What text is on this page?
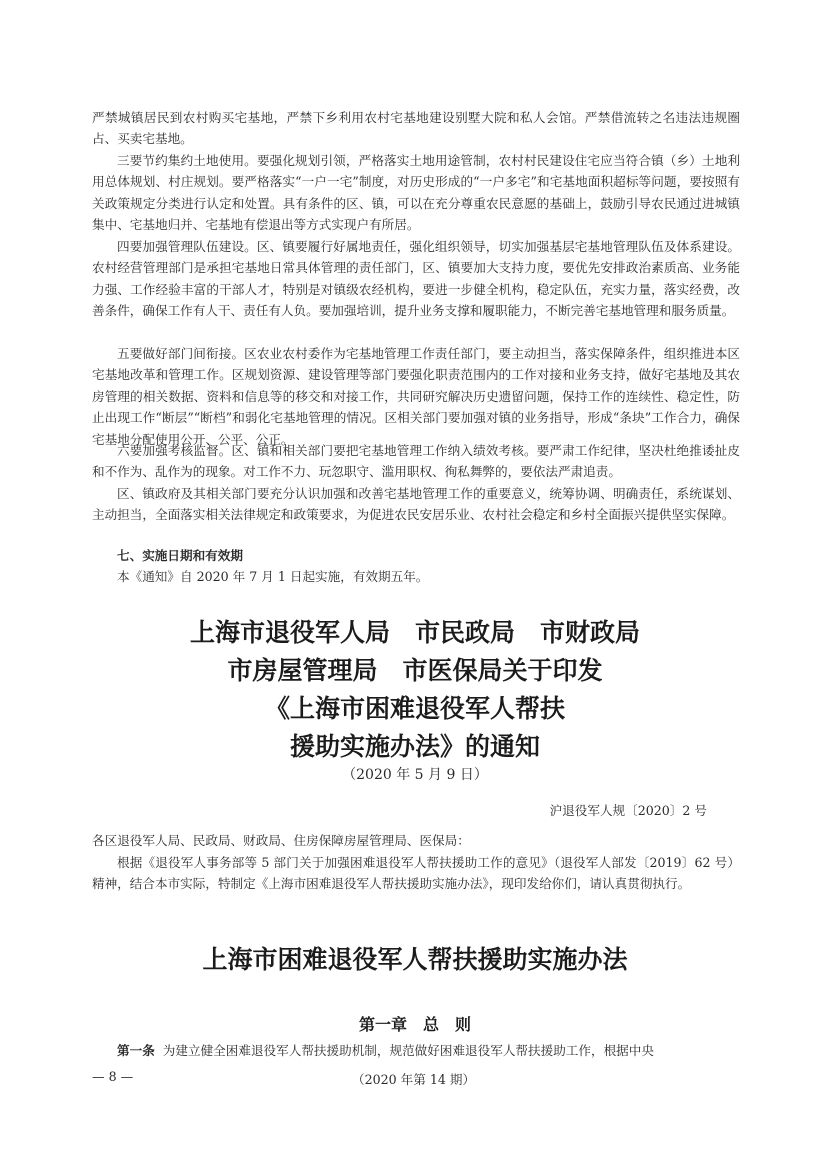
严禁城镇居民到农村购买宅基地，严禁下乡利用农村宅基地建设别墅大院和私人会馆。严禁借流转之名违法违规圈占、买卖宅基地。

三要节约集约土地使用。要强化规划引领，严格落实土地用途管制，农村村民建设住宅应当符合镇（乡）土地利用总体规划、村庄规划。要严格落实“一户一宅”制度，对历史形成的“一户多宅”和宅基地面积超标等问题，要按照有关政策规定分类进行认定和处置。具有条件的区、镇，可以在充分尊重农民意愿的基础上，鼓励引导农民通过进城镇集中、宅基地归并、宅基地有偿退出等方式实现户有所居。

四要加强管理队伍建设。区、镇要履行好属地责任，强化组织领导，切实加强基层宅基地管理队伍及体系建设。农村经营管理部门是承担宅基地日常具体管理的责任部门，区、镇要加大支持力度，要优先安排政治素质高、业务能力强、工作经验丰富的干部人才，特别是对镇级农经机构，要进一步健全机构，稳定队伍，充实力量，落实经费，改善条件，确保工作有人干、责任有人负。要加强培训，提升业务支撑和履职能力，不断完善宅基地管理和服务质量。

五要做好部门间衔接。区农业农村委作为宅基地管理工作责任部门，要主动担当，落实保障条件，组织推进本区宅基地改革和管理工作。区规划资源、建设管理等部门要强化职责范围内的工作对接和业务支持，做好宅基地及其农房管理的相关数据、资料和信息等的移交和对接工作，共同研究解决历史遗留问题，保持工作的连续性、稳定性，防止出现工作“断层”“断档”和弱化宅基地管理的情况。区相关部门要加强对镇的业务指导，形成“条块”工作合力，确保宅基地分配使用公开、公平、公正。

六要加强考核监督。区、镇和相关部门要把宅基地管理工作纳入绩效考核。要严肃工作纪律，坚决杜绝推诿扯皮和不作为、乱作为的现象。对工作不力、玩忽职守、滥用职权、徇私舞弊的，要依法严肃追责。

区、镇政府及其相关部门要充分认识加强和改善宅基地管理工作的重要意义，统筹协调、明确责任，系统谋划、主动担当，全面落实相关法律规定和政策要求，为促进农民安居乐业、农村社会稳定和乡村全面振兴提供坚实保障。

七、实施日期和有效期

本《通知》自 2020 年 7 月 1 日起实施，有效期五年。

上海市退役军人局　市民政局　市财政局
市房屋管理局　市医保局关于印发
《上海市困难退役军人帮扶
援助实施办法》的通知

（2020 年 5 月 9 日）

沪退役军人规〔2020〕2 号

各区退役军人局、民政局、财政局、住房保障房屋管理局、医保局：

根据《退役军人事务部等 5 部门关于加强困难退役军人帮扶援助工作的意见》（退役军人部发〔2019〕62 号）精神，结合本市实际，特制定《上海市困难退役军人帮扶援助实施办法》，现印发给你们，请认真贯彻执行。

上海市困难退役军人帮扶援助实施办法
第一章　总　则

第一条 为建立健全困难退役军人帮扶援助机制，规范做好困难退役军人帮扶援助工作，根据中央

— 8 —	（2020 年第 14 期）
